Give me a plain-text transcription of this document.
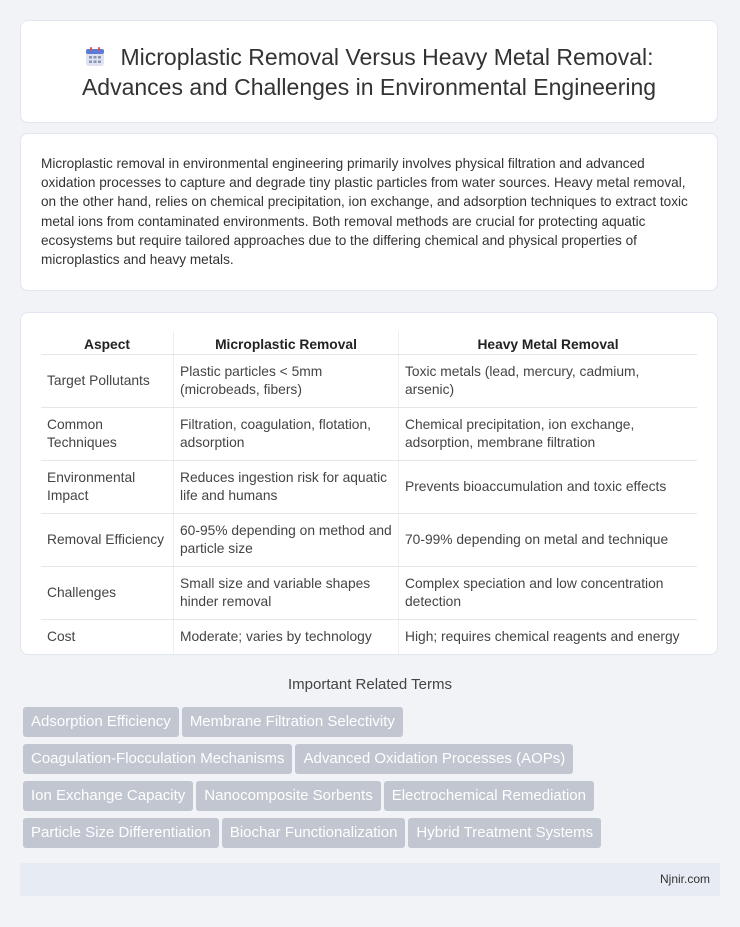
Microplastic Removal Versus Heavy Metal Removal: Advances and Challenges in Environmental Engineering

Microplastic removal in environmental engineering primarily involves physical filtration and advanced oxidation processes to capture and degrade tiny plastic particles from water sources. Heavy metal removal, on the other hand, relies on chemical precipitation, ion exchange, and adsorption techniques to extract toxic metal ions from contaminated environments. Both removal methods are crucial for protecting aquatic ecosystems but require tailored approaches due to the differing chemical and physical properties of microplastics and heavy metals.

Aspect	Microplastic Removal	Heavy Metal Removal
Target Pollutants	Plastic particles < 5mm (microbeads, fibers)	Toxic metals (lead, mercury, cadmium, arsenic)
Common Techniques	Filtration, coagulation, flotation, adsorption	Chemical precipitation, ion exchange, adsorption, membrane filtration
Environmental Impact	Reduces ingestion risk for aquatic life and humans	Prevents bioaccumulation and toxic effects
Removal Efficiency	60-95% depending on method and particle size	70-99% depending on metal and technique
Challenges	Small size and variable shapes hinder removal	Complex speciation and low concentration detection
Cost	Moderate; varies by technology	High; requires chemical reagents and energy
Important Related Terms
Adsorption Efficiency Membrane Filtration Selectivity
Coagulation-Flocculation Mechanisms Advanced Oxidation Processes (AOPs)
Ion Exchange Capacity Nanocomposite Sorbents Electrochemical Remediation
Particle Size Differentiation Biochar Functionalization Hybrid Treatment Systems
Njnir.com
